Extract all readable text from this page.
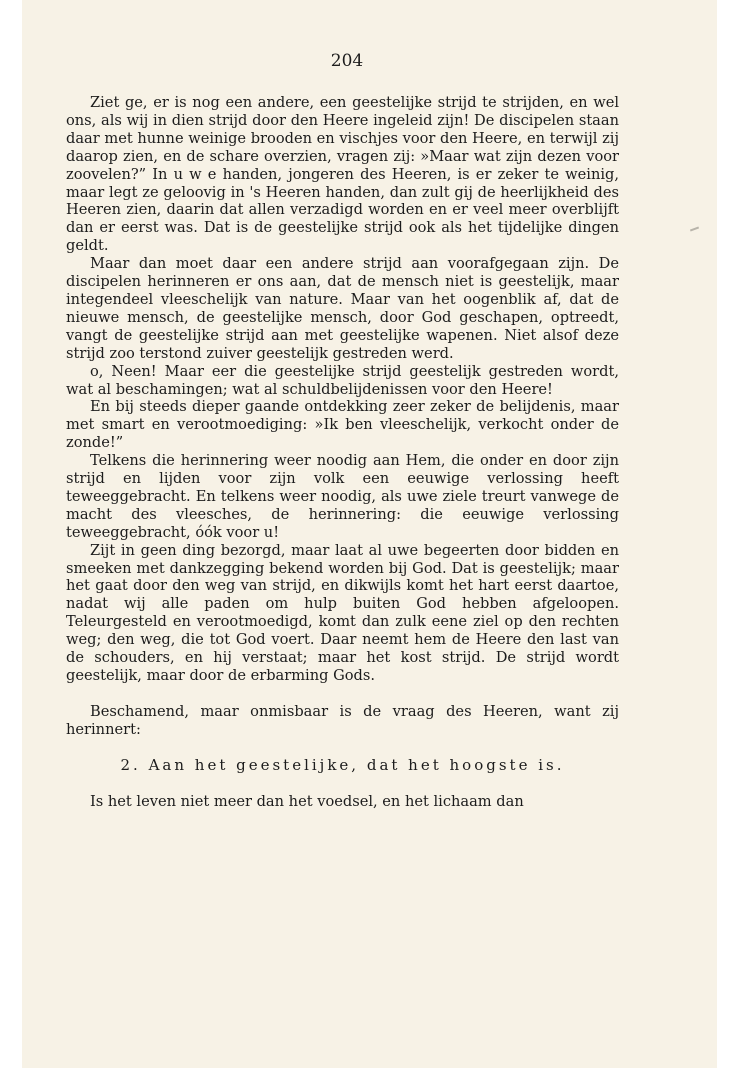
204

Ziet ge, er is nog een andere, een geestelijke strijd te strijden, en wel ons, als wij in dien strijd door den Heere ingeleid zijn! De discipelen staan daar met hunne weinige brooden en vischjes voor den Heere, en terwijl zij daarop zien, en de schare overzien, vragen zij: »Maar wat zijn dezen voor zoovelen?” In u w e handen, jongeren des Heeren, is er zeker te weinig, maar legt ze geloovig in 's Heeren handen, dan zult gij de heerlijkheid des Heeren zien, daarin dat allen verzadigd worden en er veel meer overblijft dan er eerst was. Dat is de geestelijke strijd ook als het tijdelijke dingen geldt.

Maar dan moet daar een andere strijd aan voorafgegaan zijn. De discipelen herinneren er ons aan, dat de mensch niet is geestelijk, maar integendeel vleeschelijk van nature. Maar van het oogenblik af, dat de nieuwe mensch, de geestelijke mensch, door God geschapen, optreedt, vangt de geestelijke strijd aan met geestelijke wapenen. Niet alsof deze strijd zoo terstond zuiver geestelijk gestreden werd.

o, Neen! Maar eer die geestelijke strijd geestelijk gestreden wordt, wat al beschamingen; wat al schuldbelijdenissen voor den Heere!

En bij steeds dieper gaande ontdekking zeer zeker de belijdenis, maar met smart en verootmoediging: »Ik ben vleeschelijk, verkocht onder de zonde!”

Telkens die herinnering weer noodig aan Hem, die onder en door zijn strijd en lijden voor zijn volk een eeuwige verlossing heeft teweeggebracht. En telkens weer noodig, als uwe ziele treurt vanwege de macht des vleesches, de herinnering: die eeuwige verlossing teweeggebracht, óók voor u!

Zijt in geen ding bezorgd, maar laat al uwe begeerten door bidden en smeeken met dankzegging bekend worden bij God. Dat is geestelijk; maar het gaat door den weg van strijd, en dikwijls komt het hart eerst daartoe, nadat wij alle paden om hulp buiten God hebben afgeloopen. Teleurgesteld en verootmoedigd, komt dan zulk eene ziel op den rechten weg; den weg, die tot God voert. Daar neemt hem de Heere den last van de schouders, en hij verstaat; maar het kost strijd. De strijd wordt geestelijk, maar door de erbarming Gods.

Beschamend, maar onmisbaar is de vraag des Heeren, want zij herinnert:

2. Aan het geestelijke, dat het hoogste is.

Is het leven niet meer dan het voedsel, en het lichaam dan
